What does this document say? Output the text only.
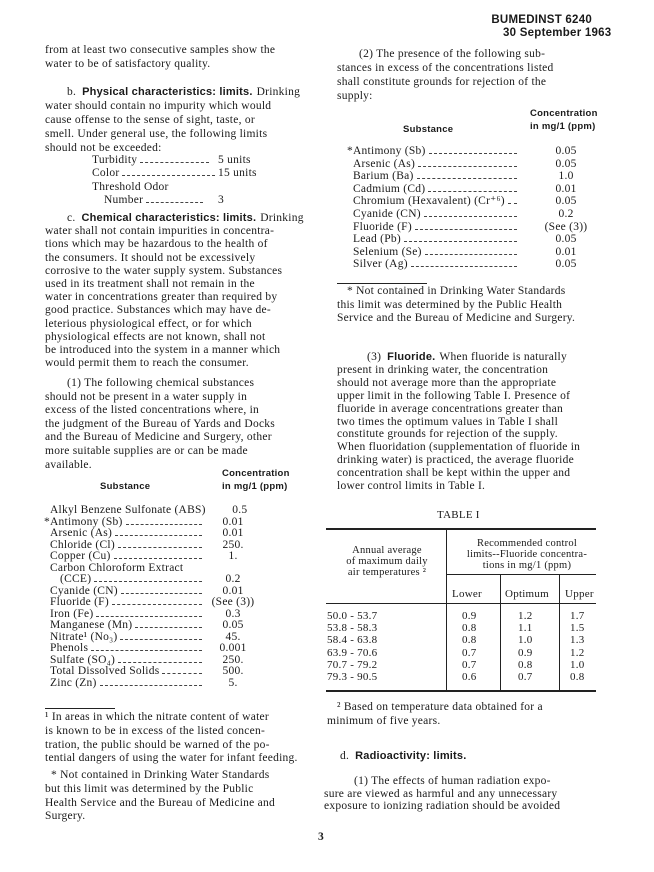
BUMEDINST 6240
30 September 1963
3
from at least two consecutive samples show the
water to be of satisfactory quality.
b. Physical characteristics: limits. Drinking
water should contain no impurity which would
cause offense to the sense of sight, taste, or
smell. Under general use, the following limits
should not be exceeded:
Turbidity	5 units
Color	15 units
Threshold Odor
Number	3
c. Chemical characteristics: limits. Drinking
water shall not contain impurities in concentra-
tions which may be hazardous to the health of
the consumers. It should not be excessively
corrosive to the water supply system. Substances
used in its treatment shall not remain in the
water in concentrations greater than required by
good practice. Substances which may have de-
leterious physiological effect, or for which
physiological effects are not known, shall not
be introduced into the system in a manner which
would permit them to reach the consumer.
(1) The following chemical substances
should not be present in a water supply in
excess of the listed concentrations where, in
the judgment of the Bureau of Yards and Docks
and the Bureau of Medicine and Surgery, other
more suitable supplies are or can be made
available.
Substance
Concentration
in mg/1 (ppm)
Alkyl Benzene Sulfonate (ABS)	0.5
* Antimony (Sb)	0.01
Arsenic (As)	0.01
Chloride (Cl)	250.
Copper (Cu)	1.
Carbon Chloroform Extract
(CCE)	0.2
Cyanide (CN)	0.01
Fluoride (F)	(See (3))
Iron (Fe)	0.3
Manganese (Mn)	0.05
Nitrate¹ (No₃)	45.
Phenols	0.001
Sulfate (SO₄)	250.
Total Dissolved Solids	500.
Zinc (Zn)	5.
¹ In areas in which the nitrate content of water
is known to be in excess of the listed concen-
tration, the public should be warned of the po-
tential dangers of using the water for infant feeding.
* Not contained in Drinking Water Standards
but this limit was determined by the Public
Health Service and the Bureau of Medicine and
Surgery.
(2) The presence of the following sub-
stances in excess of the concentrations listed
shall constitute grounds for rejection of the
supply:
Substance
Concentration
in mg/1 (ppm)
* Antimony (Sb)	0.05
Arsenic (As)	0.05
Barium (Ba)	1.0
Cadmium (Cd)	0.01
Chromium (Hexavalent) (Cr⁺⁶)	0.05
Cyanide (CN)	0.2
Fluoride (F)	(See (3))
Lead (Pb)	0.05
Selenium (Se)	0.01
Silver (Ag)	0.05
* Not contained in Drinking Water Standards
this limit was determined by the Public Health
Service and the Bureau of Medicine and Surgery.
(3) Fluoride. When fluoride is naturally
present in drinking water, the concentration
should not average more than the appropriate
upper limit in the following Table I. Presence of
fluoride in average concentrations greater than
two times the optimum values in Table I shall
constitute grounds for rejection of the supply.
When fluoridation (supplementation of fluoride in
drinking water) is practiced, the average fluoride
concentration shall be kept within the upper and
lower control limits in Table I.
TABLE I
Annual average
of maximum daily
air temperatures ²
Recommended control
limits--Fluoride concentra-
tions in mg/1 (ppm)
Lower Optimum Upper
50.0 - 53.7	0.9	1.2	1.7
53.8 - 58.3	0.8	1.1	1.5
58.4 - 63.8	0.8	1.0	1.3
63.9 - 70.6	0.7	0.9	1.2
70.7 - 79.2	0.7	0.8	1.0
79.3 - 90.5	0.6	0.7	0.8
² Based on temperature data obtained for a
minimum of five years.
d. Radioactivity: limits.
(1) The effects of human radiation expo-
sure are viewed as harmful and any unnecessary
exposure to ionizing radiation should be avoided
